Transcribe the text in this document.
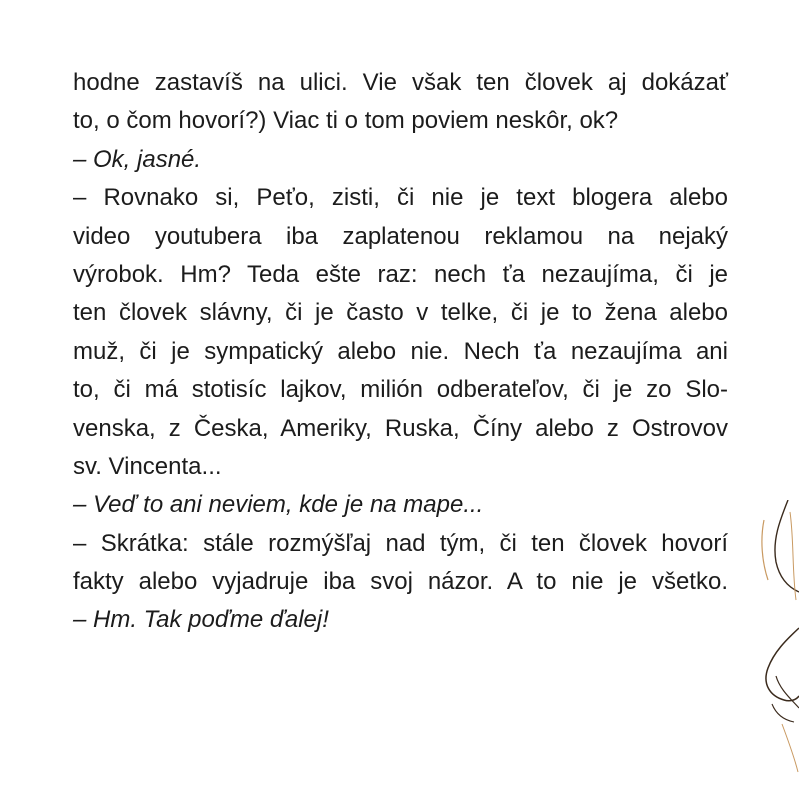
hodne zastavíš na ulici. Vie však ten človek aj dokázať
to, o čom hovorí?) Viac ti o tom poviem neskôr, ok?
– Ok, jasné.
– Rovnako si, Peťo, zisti, či nie je text blogera alebo
video youtubera iba zaplatenou reklamou na nejaký
výrobok. Hm? Teda ešte raz: nech ťa nezaujíma, či je
ten človek slávny, či je často v telke, či je to žena alebo
muž, či je sympatický alebo nie. Nech ťa nezaujíma ani
to, či má stotisíc lajkov, milión odberateľov, či je zo Slo-
venska, z Česka, Ameriky, Ruska, Číny alebo z Ostrovov
sv. Vincenta...
– Veď to ani neviem, kde je na mape...
– Skrátka: stále rozmýšľaj nad tým, či ten človek hovorí
fakty alebo vyjadruje iba svoj názor. A to nie je všetko.
– Hm. Tak poďme ďalej!
